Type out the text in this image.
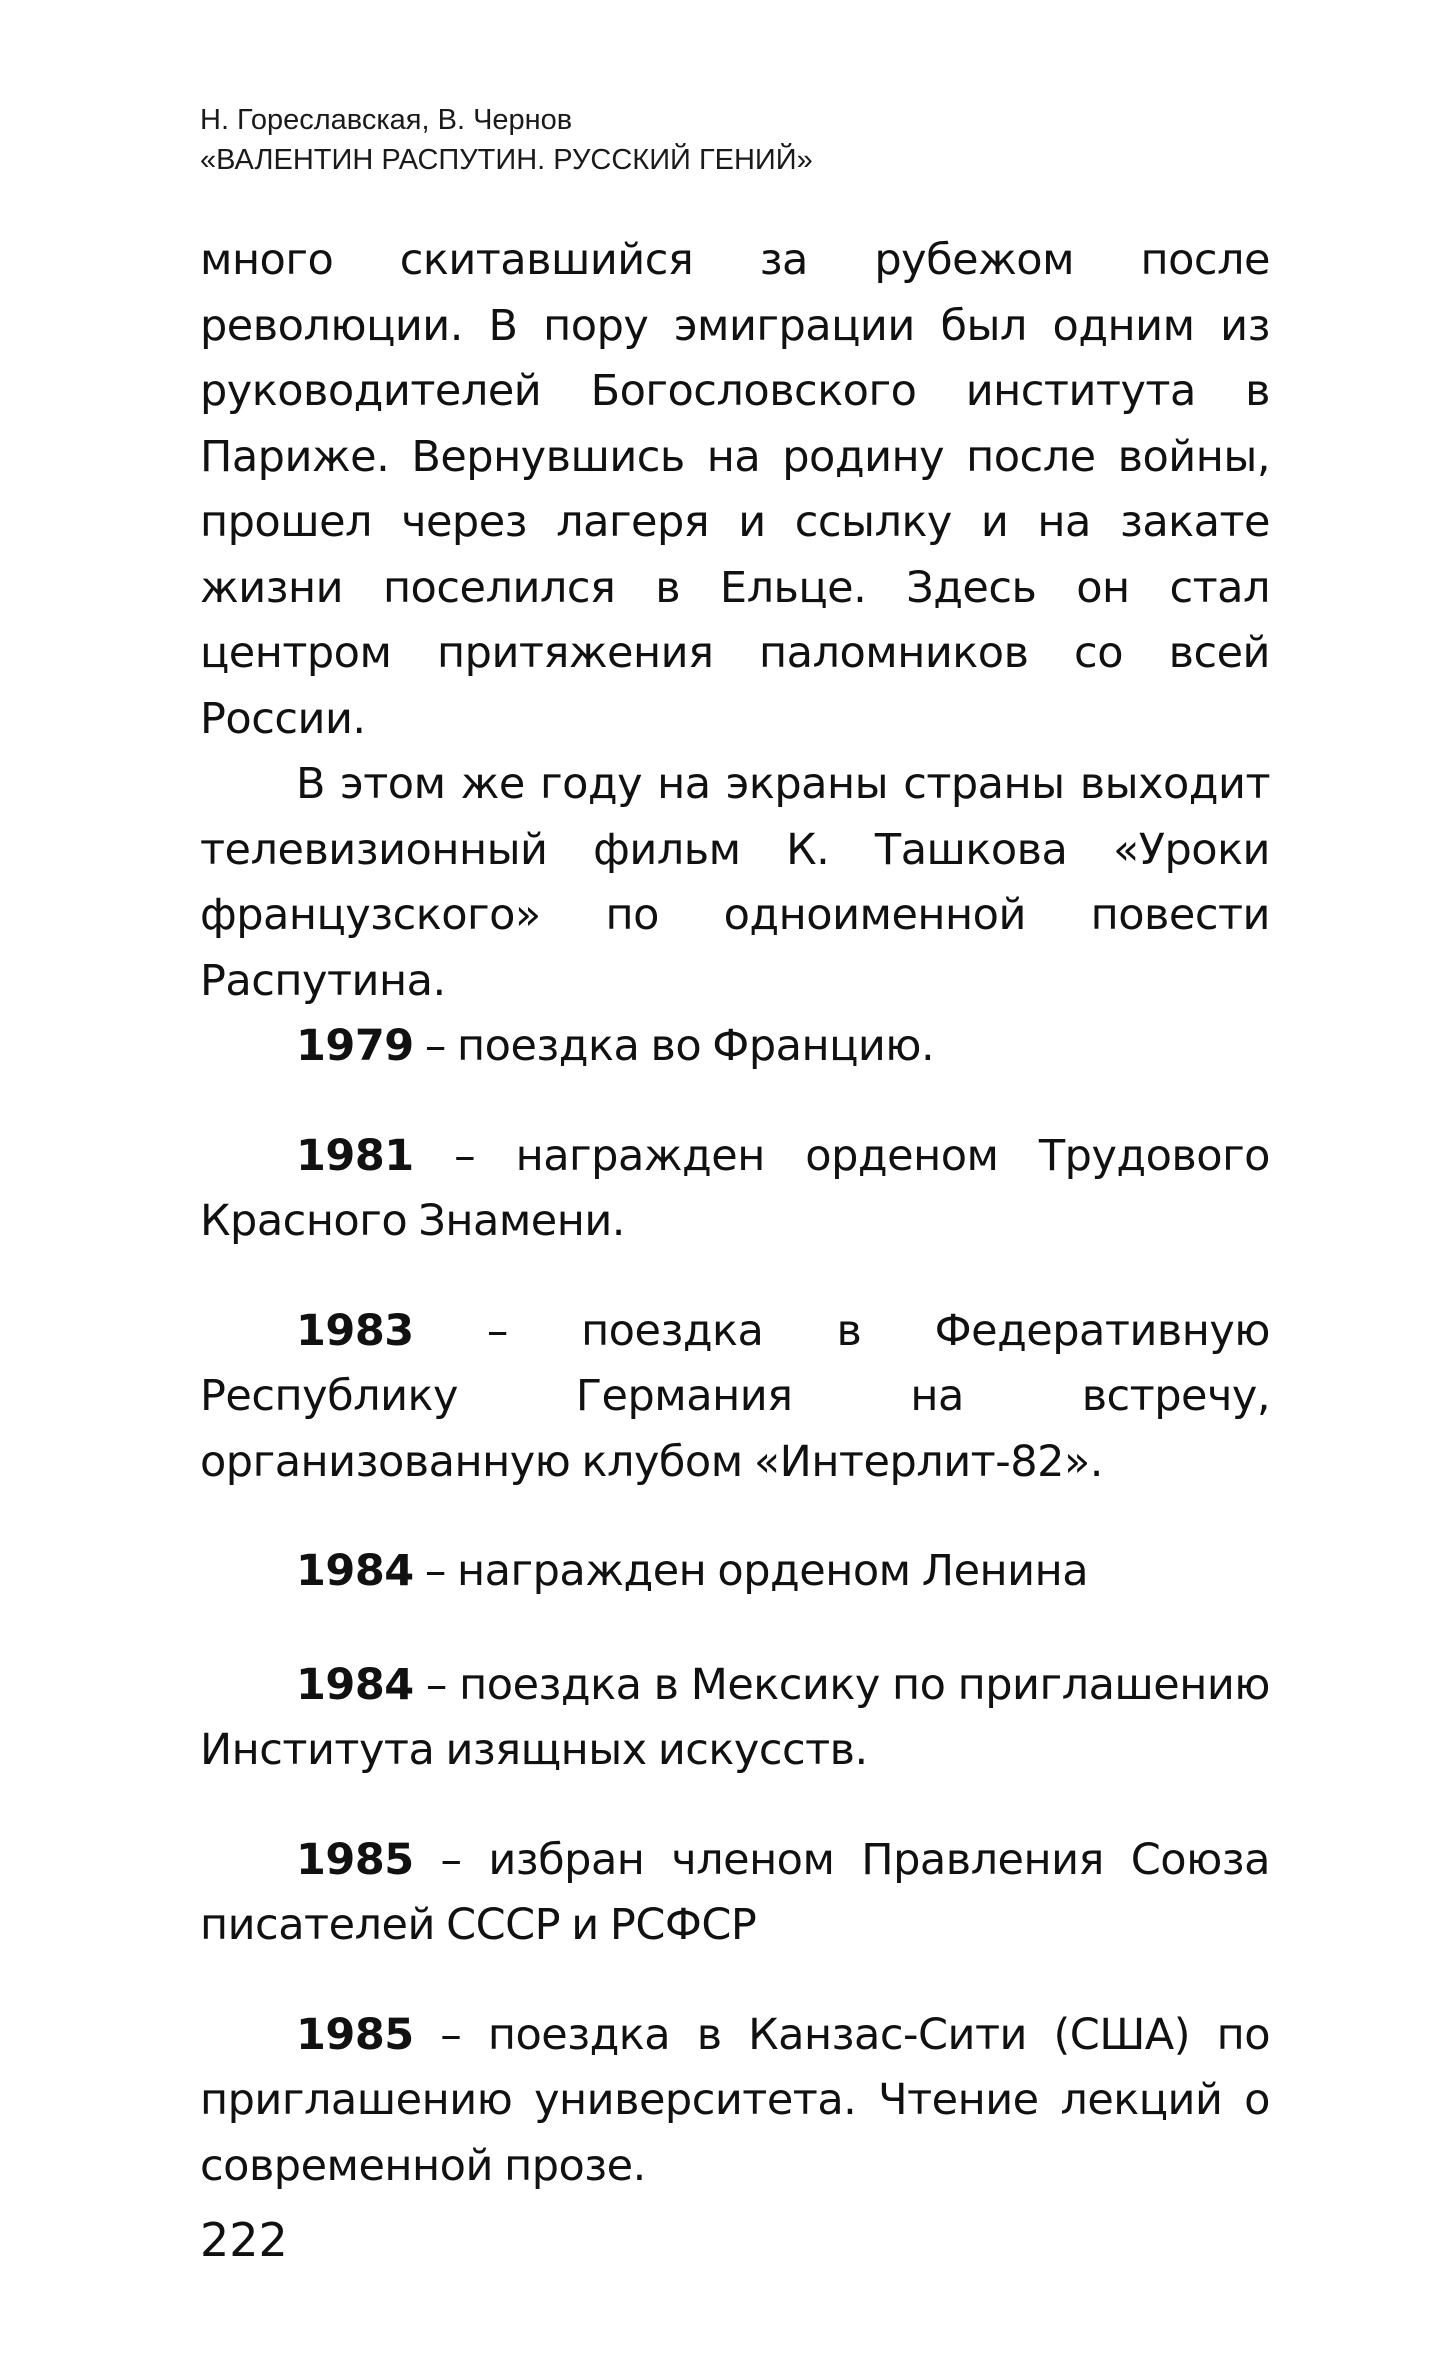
Н. Гореславская, В. Чернов
«ВАЛЕНТИН РАСПУТИН. РУССКИЙ ГЕНИЙ»

много скитавшийся за рубежом после революции. В пору эмиграции был одним из руководителей Богословского института в Париже. Вернувшись на родину после войны, прошел через лагеря и ссылку и на закате жизни поселился в Ельце. Здесь он стал центром притяжения паломников со всей России.

В этом же году на экраны страны выходит телевизионный фильм К. Ташкова «Уроки французского» по одноименной повести Распутина.

1979 – поездка во Францию.

1981 – награжден орденом Трудового Красного Знамени.

1983 – поездка в Федеративную Республику Германия на встречу, организованную клубом «Интерлит-82».

1984 – награжден орденом Ленина

1984 – поездка в Мексику по приглашению Института изящных искусств.

1985 – избран членом Правления Союза писателей СССР и РСФСР

1985 – поездка в Канзас-Сити (США) по приглашению университета. Чтение лекций о современной прозе.

222
